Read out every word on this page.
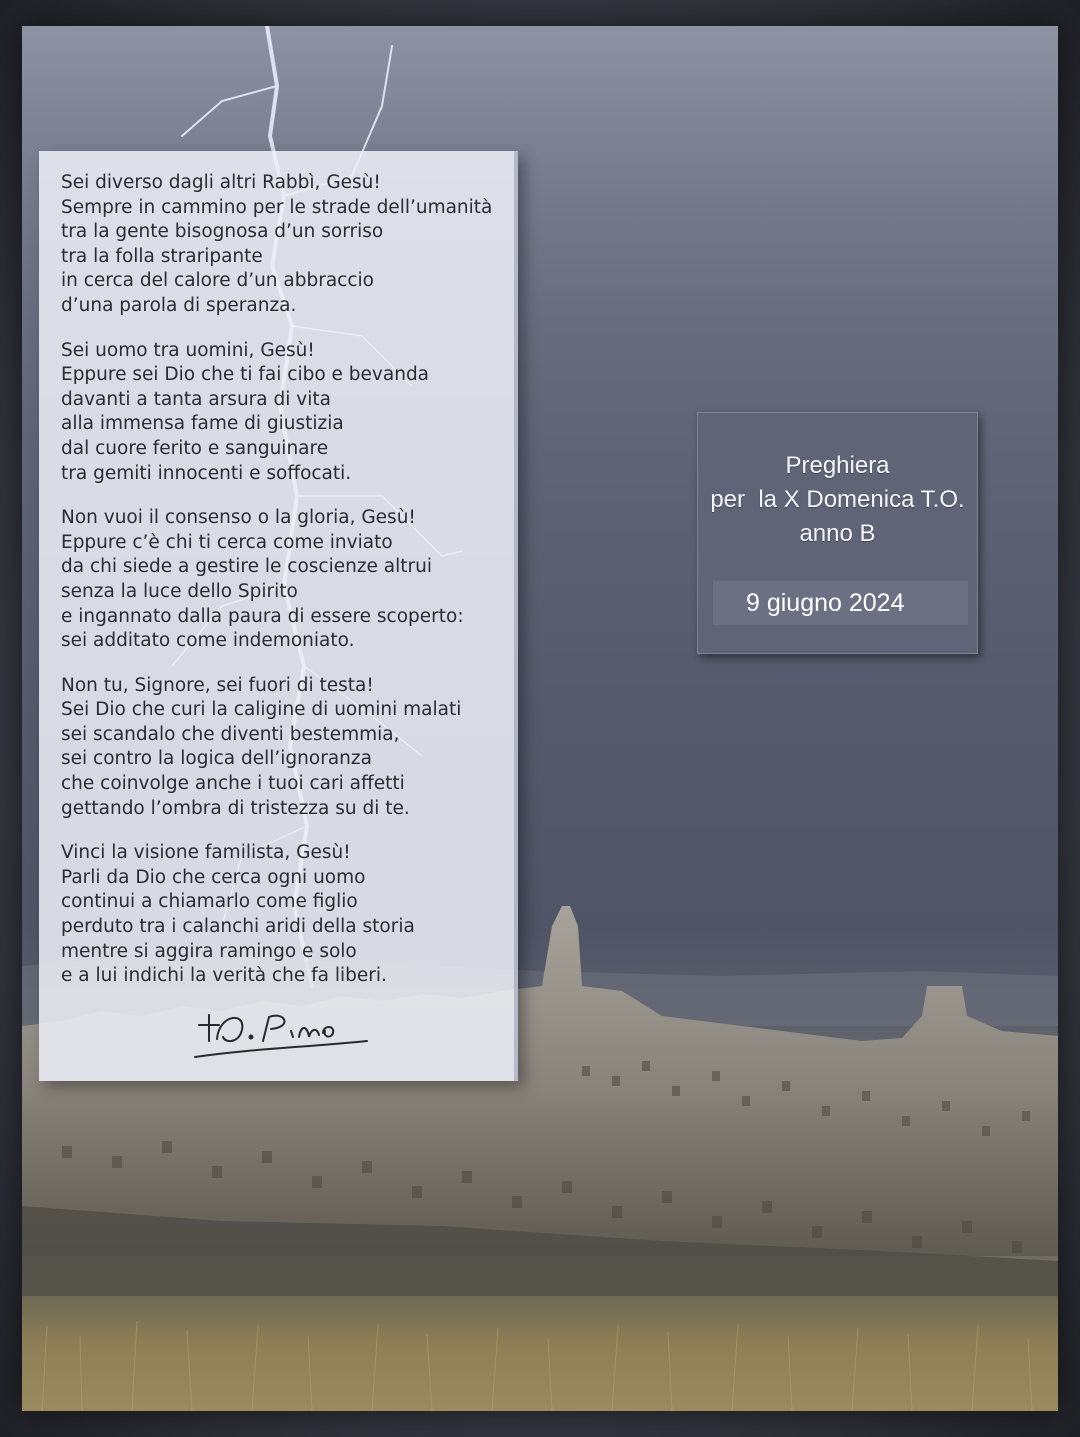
Sei diverso dagli altri Rabbì, Gesù!
Sempre in cammino per le strade dell’umanità
tra la gente bisognosa d’un sorriso
tra la folla straripante
in cerca del calore d’un abbraccio
d’una parola di speranza.
Sei uomo tra uomini, Gesù!
Eppure sei Dio che ti fai cibo e bevanda
davanti a tanta arsura di vita
alla immensa fame di giustizia
dal cuore ferito e sanguinare
tra gemiti innocenti e soffocati.
Non vuoi il consenso o la gloria, Gesù!
Eppure c’è chi ti cerca come inviato
da chi siede a gestire le coscienze altrui
senza la luce dello Spirito
e ingannato dalla paura di essere scoperto:
sei additato come indemoniato.
Non tu, Signore, sei fuori di testa!
Sei Dio che curi la caligine di uomini malati
sei scandalo che diventi bestemmia,
sei contro la logica dell’ignoranza
che coinvolge anche i tuoi cari affetti
gettando l’ombra di tristezza su di te.
Vinci la visione familista, Gesù!
Parli da Dio che cerca ogni uomo
continui a chiamarlo come figlio
perduto tra i calanchi aridi della storia
mentre si aggira ramingo e solo
e a lui indichi la verità che fa liberi.
Preghiera
per  la X Domenica T.O.
anno B
9 giugno 2024
